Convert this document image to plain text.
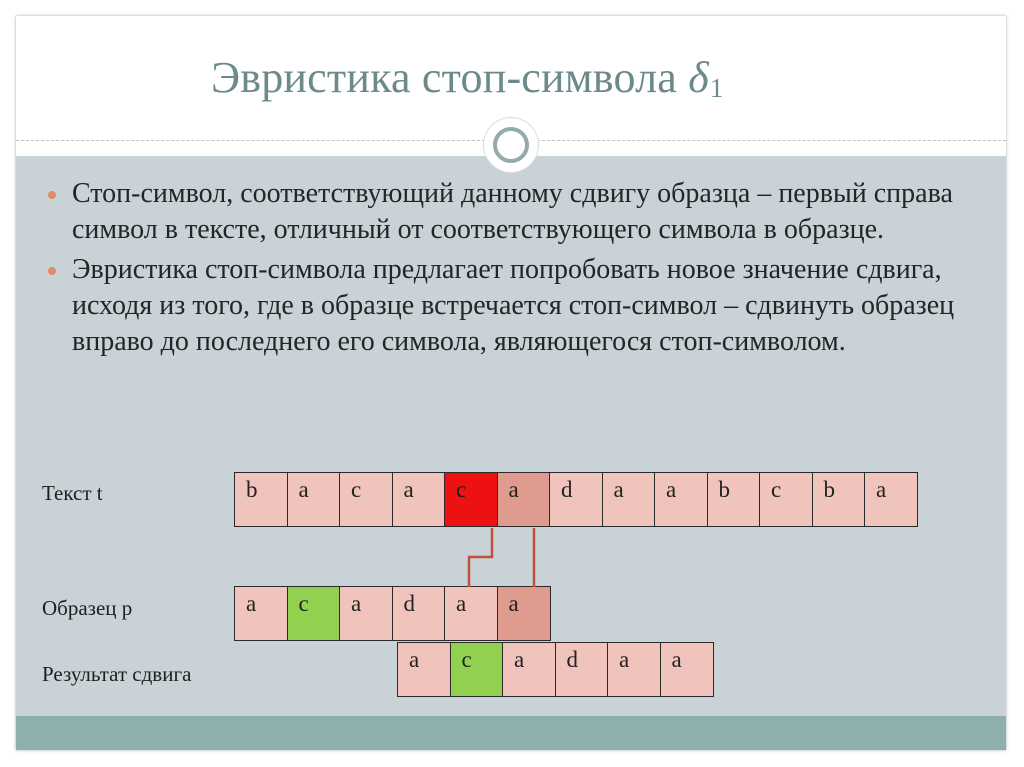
Эвристика стоп-символа δ1
Стоп-символ, соответствующий данному сдвигу образца – первый справа символ в тексте, отличный от соответствующего символа в образце.
Эвристика стоп-символа предлагает попробовать новое значение сдвига, исходя из того, где в образце встречается стоп-символ – сдвинуть образец вправо до последнего его символа, являющегося стоп-символом.
Текст t
Образец p
Результат сдвига
b	a	c	a	c	a	d	a	a	b	c	b	a
a	c	a	d	a	a
a	c	a	d	a	a
